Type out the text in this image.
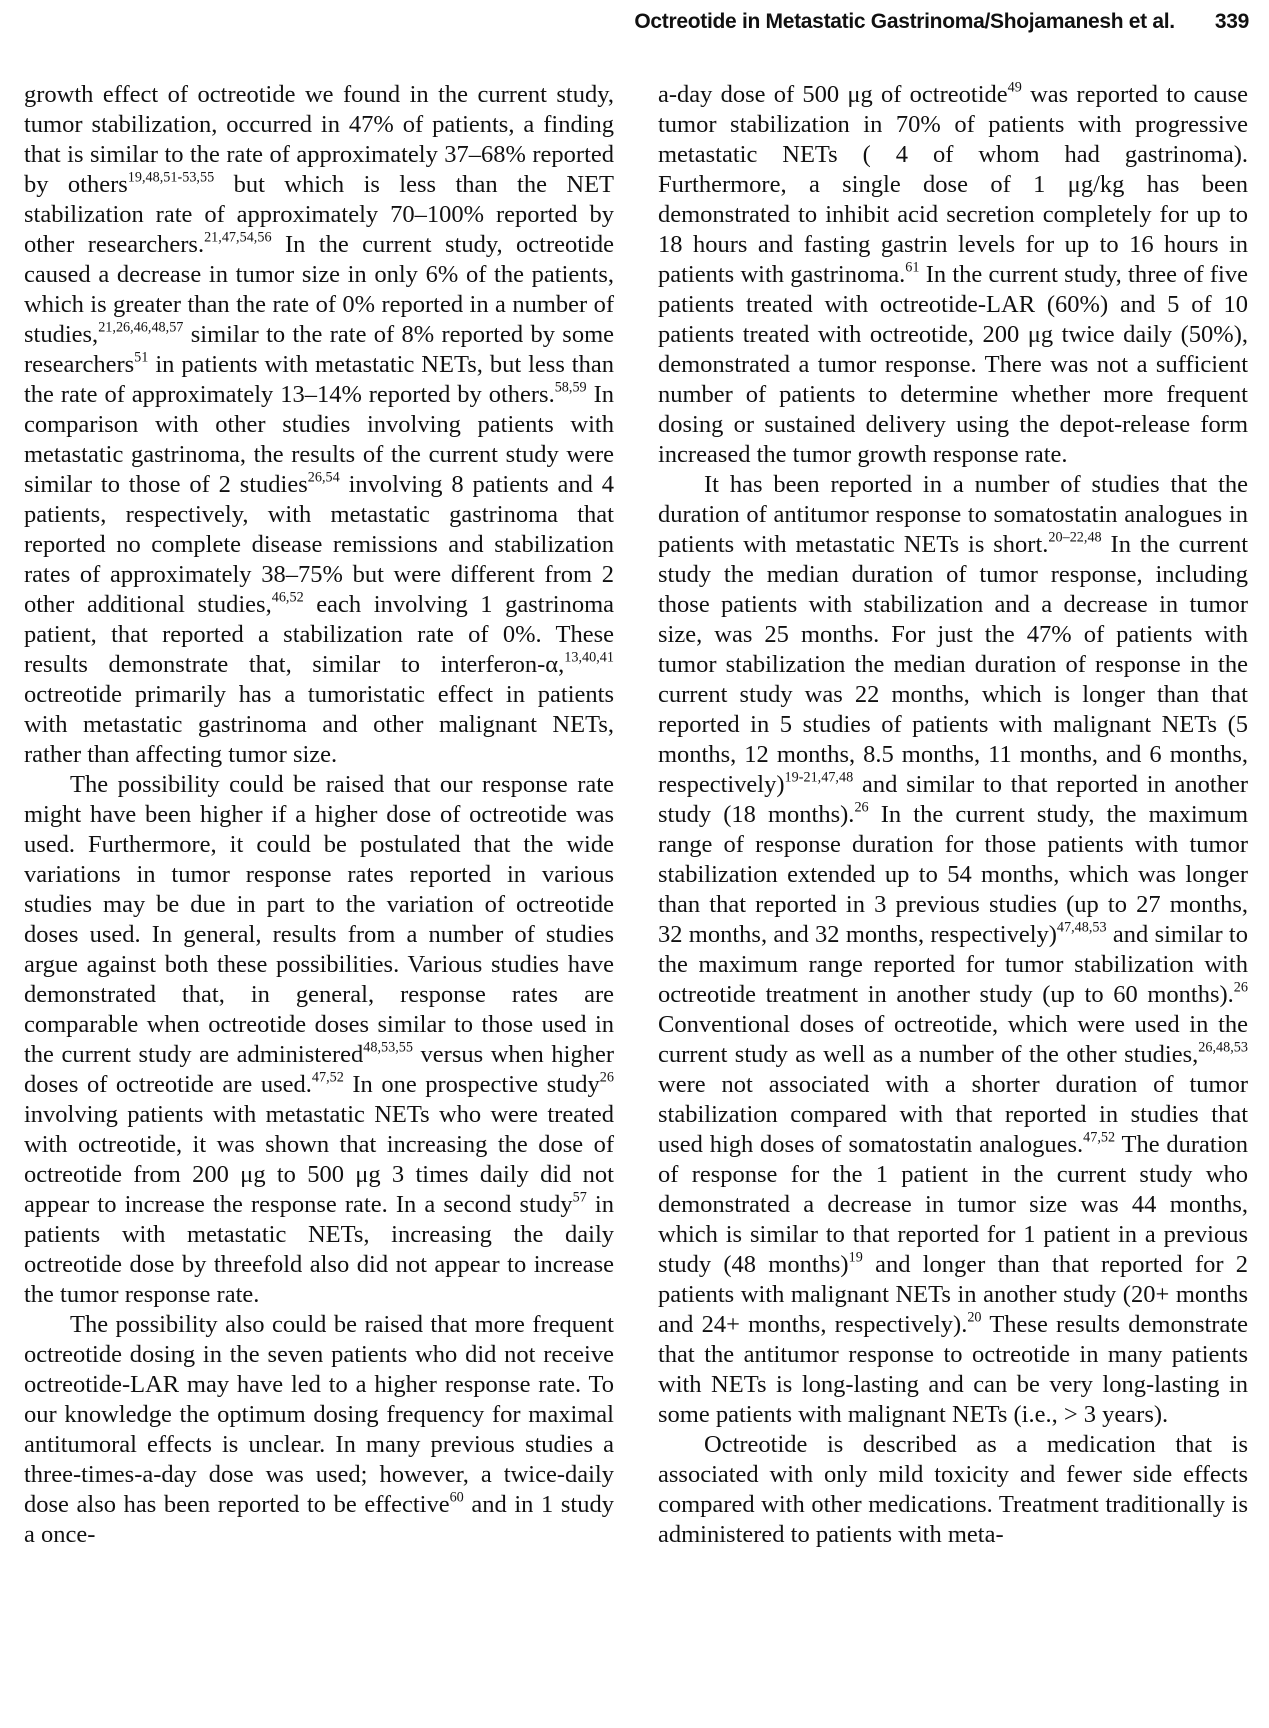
Octreotide in Metastatic Gastrinoma/Shojamanesh et al. 339

growth effect of octreotide we found in the current study, tumor stabilization, occurred in 47% of patients, a finding that is similar to the rate of approximately 37–68% reported by others$^{19,48,51-53,55}$ but which is less than the NET stabilization rate of approximately 70–100% reported by other researchers.$^{21,47,54,56}$ In the current study, octreotide caused a decrease in tumor size in only 6% of the patients, which is greater than the rate of 0% reported in a number of studies,$^{21,26,46,48,57}$ similar to the rate of 8% reported by some researchers$^{51}$ in patients with metastatic NETs, but less than the rate of approximately 13–14% reported by others.$^{58,59}$ In comparison with other studies involving patients with metastatic gastrinoma, the results of the current study were similar to those of 2 studies$^{26,54}$ involving 8 patients and 4 patients, respectively, with metastatic gastrinoma that reported no complete disease remissions and stabilization rates of approximately 38–75% but were different from 2 other additional studies,$^{46,52}$ each involving 1 gastrinoma patient, that reported a stabilization rate of 0%. These results demonstrate that, similar to interferon-α,$^{13,40,41}$ octreotide primarily has a tumoristatic effect in patients with metastatic gastrinoma and other malignant NETs, rather than affecting tumor size.

The possibility could be raised that our response rate might have been higher if a higher dose of octreotide was used. Furthermore, it could be postulated that the wide variations in tumor response rates reported in various studies may be due in part to the variation of octreotide doses used. In general, results from a number of studies argue against both these possibilities. Various studies have demonstrated that, in general, response rates are comparable when octreotide doses similar to those used in the current study are administered$^{48,53,55}$ versus when higher doses of octreotide are used.$^{47,52}$ In one prospective study$^{26}$ involving patients with metastatic NETs who were treated with octreotide, it was shown that increasing the dose of octreotide from 200 μg to 500 μg 3 times daily did not appear to increase the response rate. In a second study$^{57}$ in patients with metastatic NETs, increasing the daily octreotide dose by threefold also did not appear to increase the tumor response rate.

The possibility also could be raised that more frequent octreotide dosing in the seven patients who did not receive octreotide-LAR may have led to a higher response rate. To our knowledge the optimum dosing frequency for maximal antitumoral effects is unclear. In many previous studies a three-times-a-day dose was used; however, a twice-daily dose also has been reported to be effective$^{60}$ and in 1 study a once-

a-day dose of 500 μg of octreotide$^{49}$ was reported to cause tumor stabilization in 70% of patients with progressive metastatic NETs ( 4 of whom had gastrinoma). Furthermore, a single dose of 1 μg/kg has been demonstrated to inhibit acid secretion completely for up to 18 hours and fasting gastrin levels for up to 16 hours in patients with gastrinoma.$^{61}$ In the current study, three of five patients treated with octreotide-LAR (60%) and 5 of 10 patients treated with octreotide, 200 μg twice daily (50%), demonstrated a tumor response. There was not a sufficient number of patients to determine whether more frequent dosing or sustained delivery using the depot-release form increased the tumor growth response rate.

It has been reported in a number of studies that the duration of antitumor response to somatostatin analogues in patients with metastatic NETs is short.$^{20-22,48}$ In the current study the median duration of tumor response, including those patients with stabilization and a decrease in tumor size, was 25 months. For just the 47% of patients with tumor stabilization the median duration of response in the current study was 22 months, which is longer than that reported in 5 studies of patients with malignant NETs (5 months, 12 months, 8.5 months, 11 months, and 6 months, respectively)$^{19-21,47,48}$ and similar to that reported in another study (18 months).$^{26}$ In the current study, the maximum range of response duration for those patients with tumor stabilization extended up to 54 months, which was longer than that reported in 3 previous studies (up to 27 months, 32 months, and 32 months, respectively)$^{47,48,53}$ and similar to the maximum range reported for tumor stabilization with octreotide treatment in another study (up to 60 months).$^{26}$ Conventional doses of octreotide, which were used in the current study as well as a number of the other studies,$^{26,48,53}$ were not associated with a shorter duration of tumor stabilization compared with that reported in studies that used high doses of somatostatin analogues.$^{47,52}$ The duration of response for the 1 patient in the current study who demonstrated a decrease in tumor size was 44 months, which is similar to that reported for 1 patient in a previous study (48 months)$^{19}$ and longer than that reported for 2 patients with malignant NETs in another study (20+ months and 24+ months, respectively).$^{20}$ These results demonstrate that the antitumor response to octreotide in many patients with NETs is long-lasting and can be very long-lasting in some patients with malignant NETs (i.e., > 3 years).

Octreotide is described as a medication that is associated with only mild toxicity and fewer side effects compared with other medications. Treatment traditionally is administered to patients with meta-
